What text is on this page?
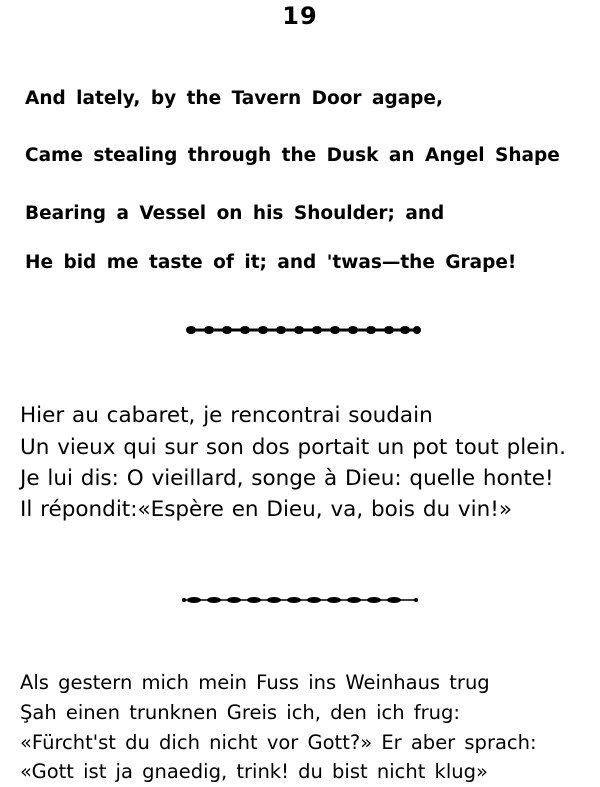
19
And lately, by the Tavern Door agape,
Came stealing through the Dusk an Angel Shape
Bearing a Vessel on his Shoulder; and
He bid me taste of it; and 'twas—the Grape!
Hier au cabaret, je rencontrai soudain
Un vieux qui sur son dos portait un pot tout plein.
Je lui dis: O vieillard, songe à Dieu: quelle honte!
Il répondit:«Espère en Dieu, va, bois du vin!»
Als gestern mich mein Fuss ins Weinhaus trug
Şah einen trunknen Greis ich, den ich frug:
«Fürcht'st du dich nicht vor Gott?» Er aber sprach:
«Gott ist ja gnaedig, trink! du bist nicht klug»
